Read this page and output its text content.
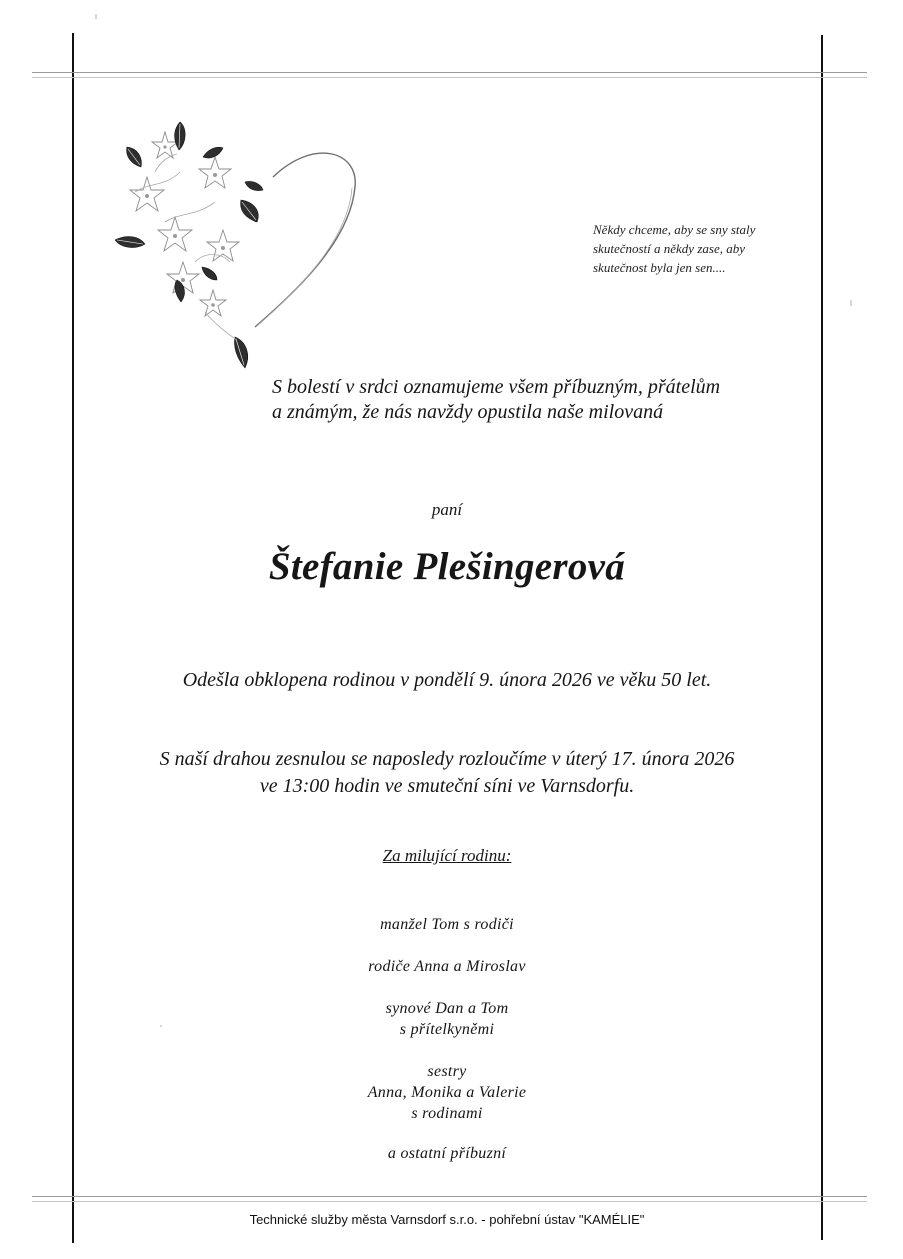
Někdy chceme, aby se sny staly
skutečností a někdy zase, aby
skutečnost byla jen sen....
S bolestí v srdci oznamujeme všem příbuzným, přátelům
a známým, že nás navždy opustila naše milovaná
paní
Štefanie Plešingerová
Odešla obklopena rodinou v pondělí 9. února 2026 ve věku 50 let.
S naší drahou zesnulou se naposledy rozloučíme v úterý 17. února 2026
ve 13:00 hodin ve smuteční síni ve Varnsdorfu.
Za milující rodinu:
manžel Tom s rodiči
rodiče Anna a Miroslav
synové Dan a Tom
s přítelkyněmi
sestry
Anna, Monika a Valerie
s rodinami
a ostatní příbuzní
Technické služby města Varnsdorf s.r.o. - pohřební ústav "KAMÉLIE"
